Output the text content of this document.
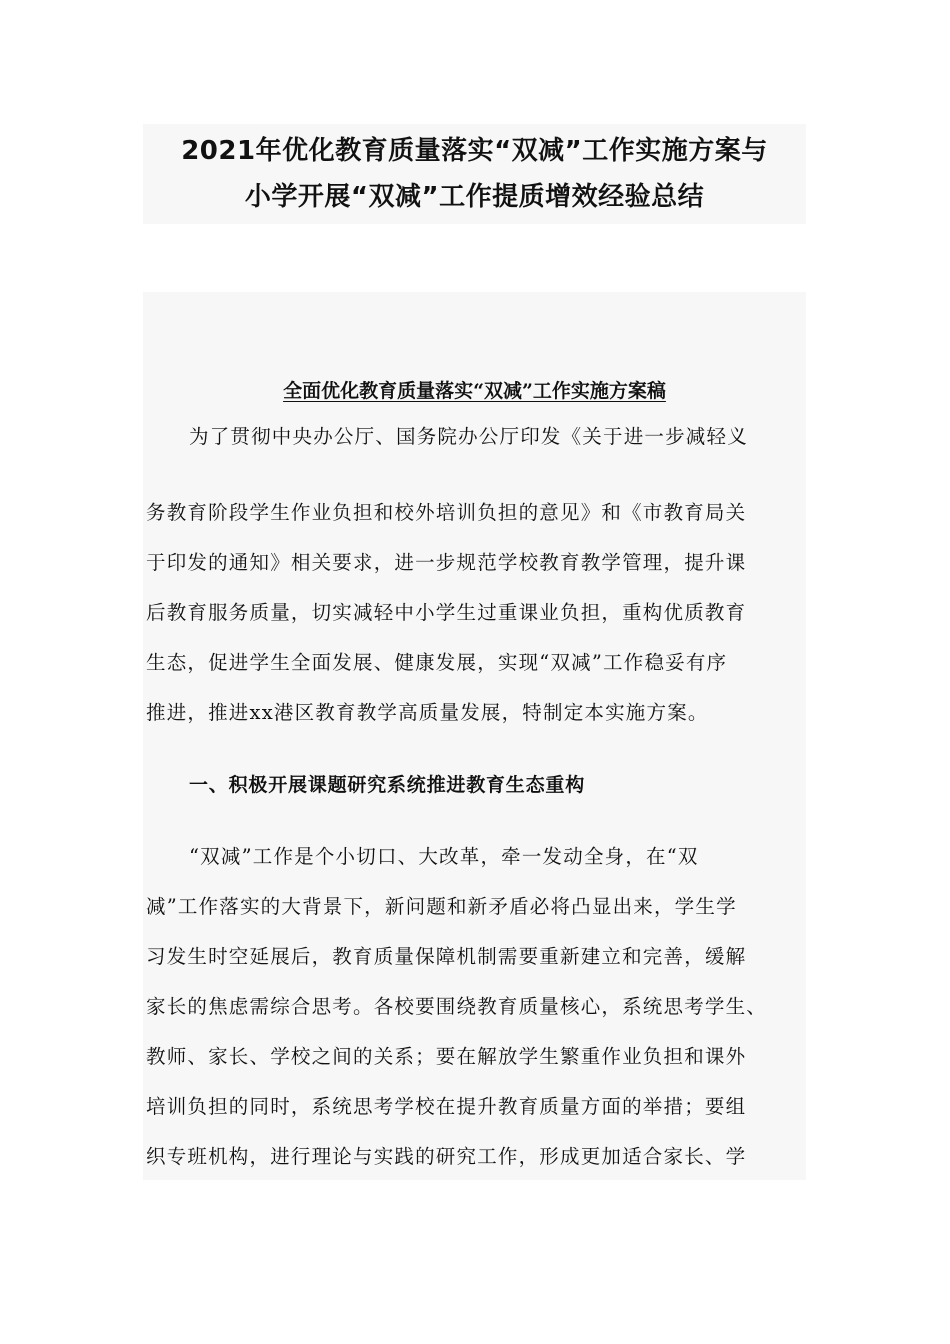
2021年优化教育质量落实“双减”工作实施方案与
小学开展“双减”工作提质增效经验总结
全面优化教育质量落实“双减”工作实施方案稿
为了贯彻中央办公厅、国务院办公厅印发《关于进一步减轻义
务教育阶段学生作业负担和校外培训负担的意见》和《市教育局关
于印发的通知》相关要求，进一步规范学校教育教学管理，提升课
后教育服务质量，切实减轻中小学生过重课业负担，重构优质教育
生态，促进学生全面发展、健康发展，实现“双减”工作稳妥有序
推进，推进xx港区教育教学高质量发展，特制定本实施方案。
一、积极开展课题研究系统推进教育生态重构
“双减”工作是个小切口、大改革，牵一发动全身，在“双
减”工作落实的大背景下，新问题和新矛盾必将凸显出来，学生学
习发生时空延展后，教育质量保障机制需要重新建立和完善，缓解
家长的焦虑需综合思考。各校要围绕教育质量核心，系统思考学生、
教师、家长、学校之间的关系；要在解放学生繁重作业负担和课外
培训负担的同时，系统思考学校在提升教育质量方面的举措；要组
织专班机构，进行理论与实践的研究工作，形成更加适合家长、学
